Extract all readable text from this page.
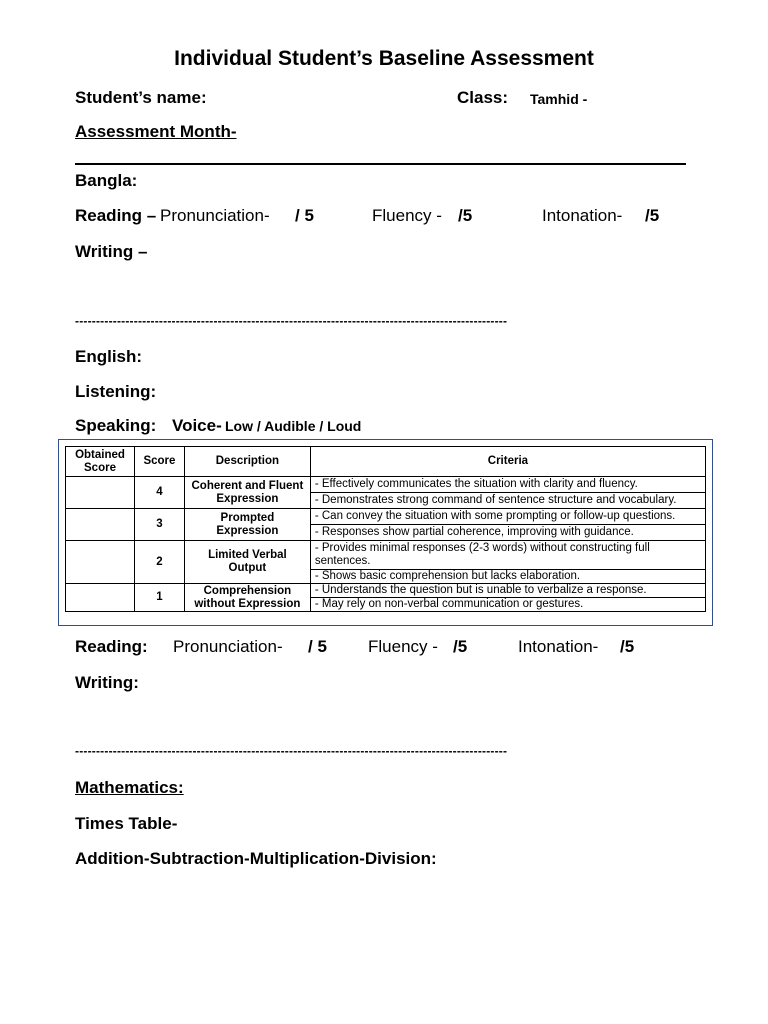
Individual Student’s Baseline Assessment
Student’s name:	Class: Tamhid -
Assessment Month-
Bangla:
Reading – Pronunciation- / 5	Fluency - /5	Intonation- /5
Writing –
-------------------------------------------------------------------------------------------------------
English:
Listening:
Speaking: Voice- Low / Audible / Loud
Obtained Score	Score	Description	Criteria
	4	Coherent and Fluent Expression	- Effectively communicates the situation with clarity and fluency.
			- Demonstrates strong command of sentence structure and vocabulary.
	3	Prompted Expression	- Can convey the situation with some prompting or follow-up questions.
			- Responses show partial coherence, improving with guidance.
	2	Limited Verbal Output	- Provides minimal responses (2-3 words) without constructing full sentences.
			- Shows basic comprehension but lacks elaboration.
	1	Comprehension without Expression	- Understands the question but is unable to verbalize a response.
			- May rely on non-verbal communication or gestures.
Reading: Pronunciation- / 5 Fluency - /5	Intonation- /5
Writing:
-------------------------------------------------------------------------------------------------------
Mathematics:
Times Table-
Addition-Subtraction-Multiplication-Division:
